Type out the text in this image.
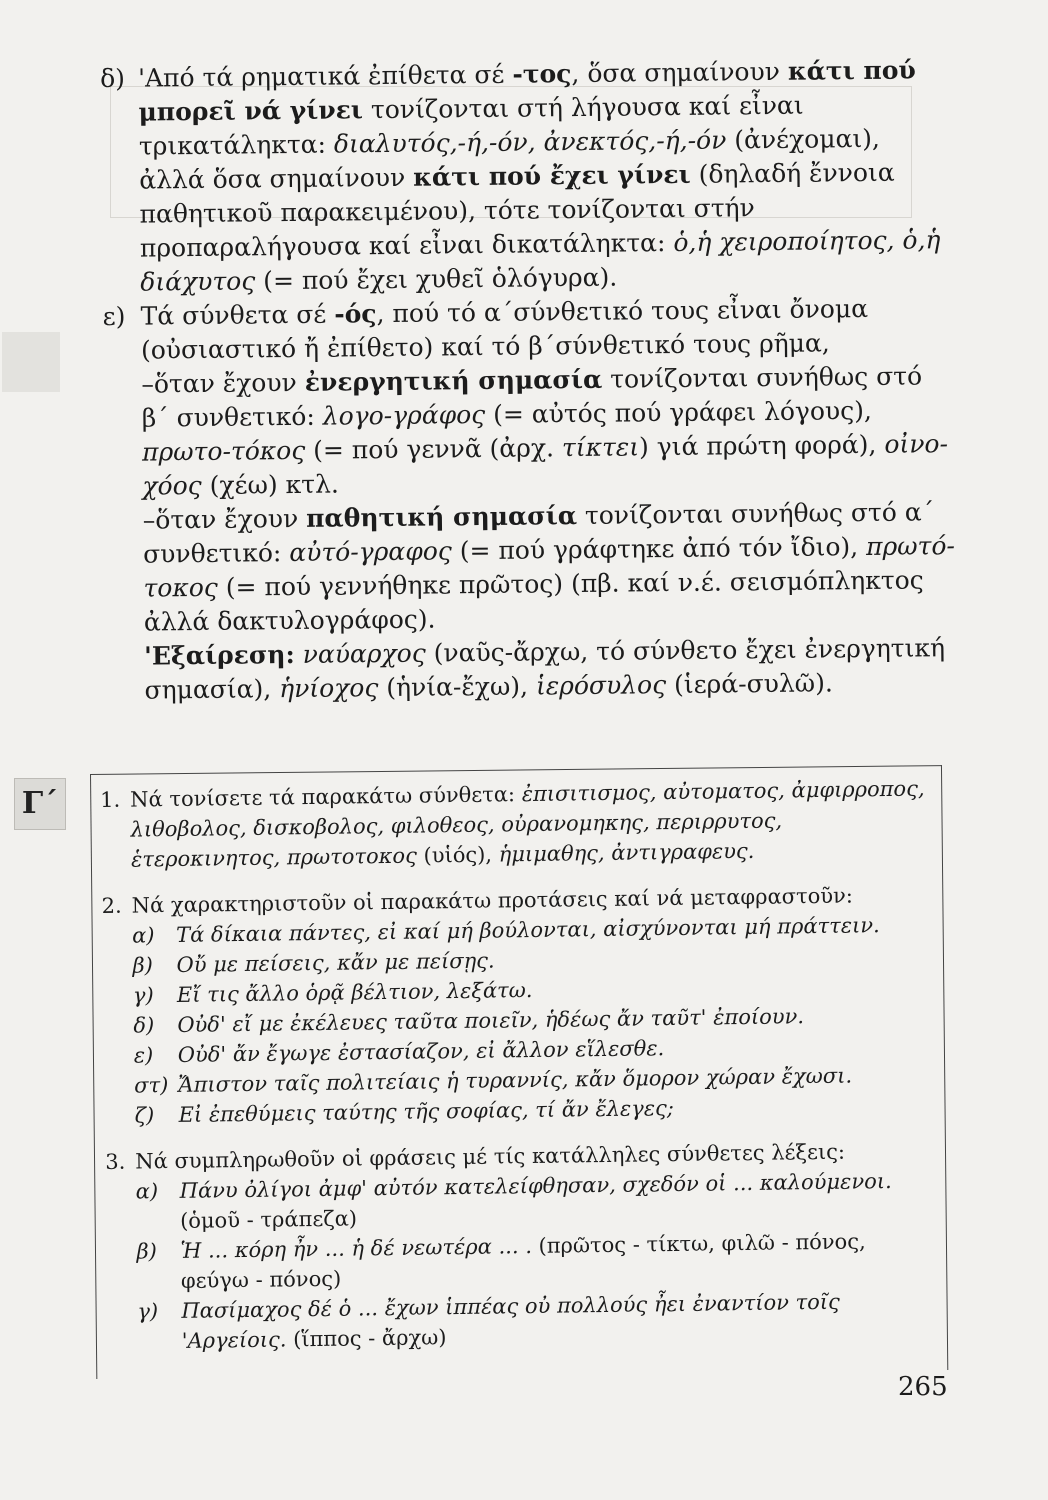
δ) 'Από τά ρηματικά ἐπίθετα σέ -τος, ὅσα σημαίνουν κάτι πού μπορεῖ νά γίνει τονίζονται στή λήγουσα καί εἶναι τρικατάληκτα: διαλυτός,-ή,-όν, ἀνεκτός,-ή,-όν (ἀνέχομαι), ἀλλά ὅσα σημαίνουν κάτι πού ἔχει γίνει (δηλαδή ἔννοια παθητικοῦ παρακειμένου), τότε τονίζονται στήν προπαραλήγουσα καί εἶναι δικατάληκτα: ὁ,ἡ χειροποίητος, ὁ,ἡ διάχυτος (= πού ἔχει χυθεῖ ὁλόγυρα).
ε) Τά σύνθετα σέ -ός, πού τό α΄σύνθετικό τους εἶναι ὄνομα (οὐσιαστικό ἤ ἐπίθετο) καί τό β΄σύνθετικό τους ρῆμα,
–ὅταν ἔχουν ἐνεργητική σημασία τονίζονται συνήθως στό β΄ συνθετικό: λογο-γράφος (= αὐτός πού γράφει λόγους), πρωτο-τόκος (= πού γεννᾶ (ἀρχ. τίκτει) γιά πρώτη φορά), οἰνο-χόος (χέω) κτλ.
–ὅταν ἔχουν παθητική σημασία τονίζονται συνήθως στό α΄ συνθετικό: αὐτό-γραφος (= πού γράφτηκε ἀπό τόν ἴδιο), πρωτό-τοκος (= πού γεννήθηκε πρῶτος) (πβ. καί ν.έ. σεισμόπληκτος ἀλλά δακτυλογράφος).
'Εξαίρεση: ναύαρχος (ναῦς-ἄρχω, τό σύνθετο ἔχει ἐνεργητική σημασία), ἡνίοχος (ἡνία-ἔχω), ἱερόσυλος (ἱερά-συλῶ).
Γ΄	1. Νά τονίσετε τά παρακάτω σύνθετα: ἐπισιτισμος, αὐτοματος, ἀμφιρροπος, λιθοβολος, δισκοβολος, φιλοθεος, οὐρανομηκης, περιρρυτος, ἑτεροκινητος, πρωτοτοκος (υἱός), ἡμιμαθης, ἀντιγραφευς.
2. Νά χαρακτηριστοῦν οἱ παρακάτω προτάσεις καί νά μεταφραστοῦν:
α)	Τά δίκαια πάντες, εἰ καί μή βούλονται, αἰσχύνονται μή πράττειν.
β)	Οὔ με πείσεις, κἄν με πείσῃς.
γ)	Εἴ τις ἄλλο ὁρᾷ βέλτιον, λεξάτω.
δ)	Οὐδ' εἴ με ἐκέλευες ταῦτα ποιεῖν, ἡδέως ἄν ταῦτ' ἐποίουν.
ε)	Οὐδ' ἄν ἔγωγε ἐστασίαζον, εἰ ἄλλον εἵλεσθε.
στ) Ἄπιστον ταῖς πολιτείαις ἡ τυραννίς, κἄν ὅμορον χώραν ἔχωσι.
ζ)	Εἰ ἐπεθύμεις ταύτης τῆς σοφίας, τί ἄν ἔλεγες;
3. Νά συμπληρωθοῦν οἱ φράσεις μέ τίς κατάλληλες σύνθετες λέξεις:
α)	Πάνυ ὀλίγοι ἀμφ' αὐτόν κατελείφθησαν, σχεδόν οἱ ... καλούμενοι. (ὁμοῦ - τράπεζα)
β)	Ἡ ... κόρη ἦν ... ἡ δέ νεωτέρα ... . (πρῶτος - τίκτω, φιλῶ - πόνος, φεύγω - πόνος)
γ)	Πασίμαχος δέ ὁ ... ἔχων ἱππέας οὐ πολλούς ἦει ἐναντίον τοῖς 'Αργείοις. (ἵππος - ἄρχω)
265
